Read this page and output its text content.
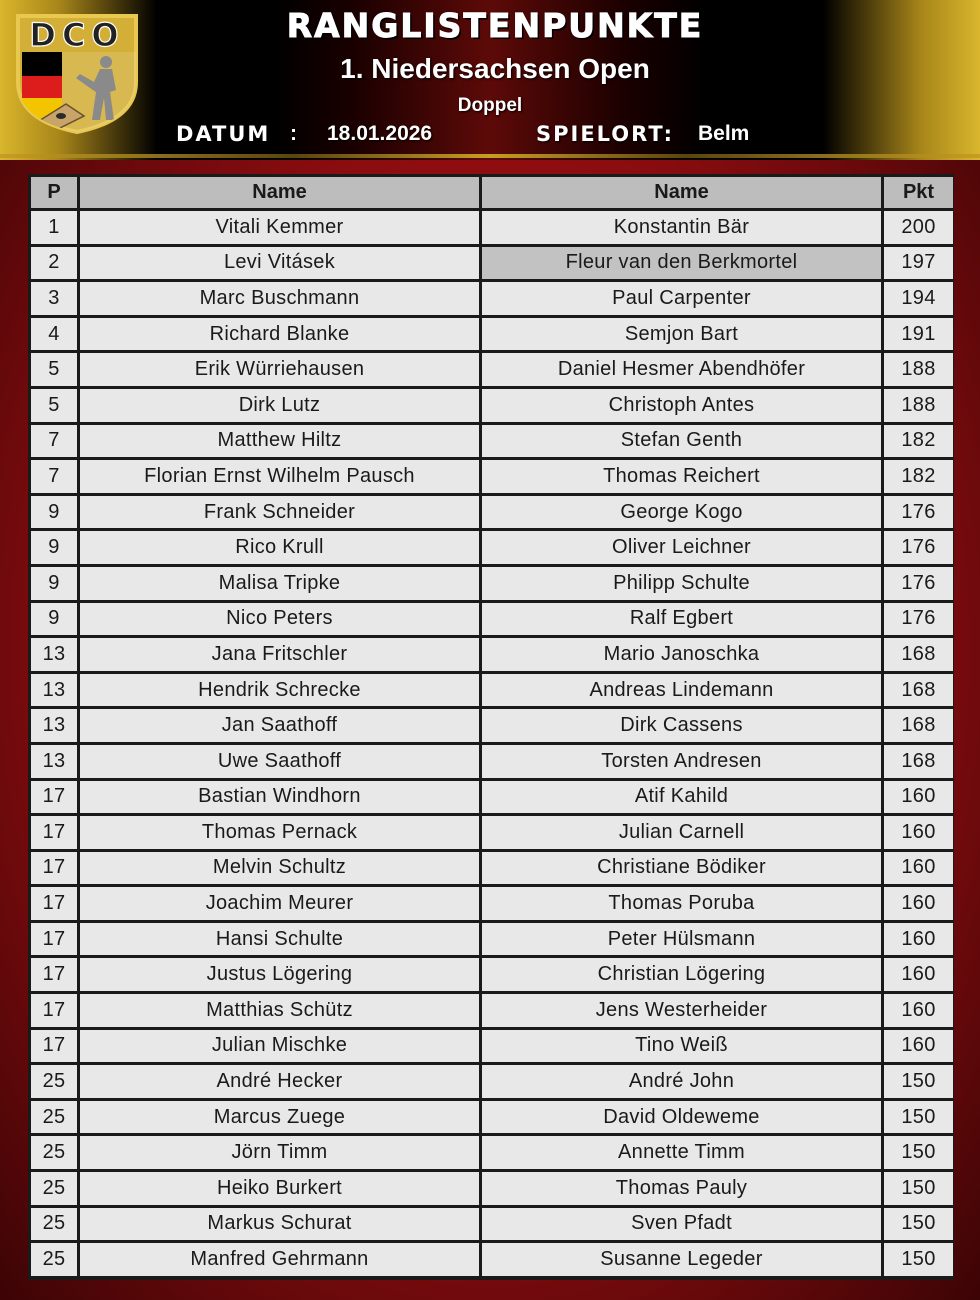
DCO	RANGLISTENPUNKTE
1. Niedersachsen Open
Doppel
DATUM : 18.01.2026	SPIELORT: Belm
P	Name	Name	Pkt
1	Vitali Kemmer	Konstantin Bär	200
2	Levi Vitásek	Fleur van den Berkmortel	197
3	Marc Buschmann	Paul Carpenter	194
4	Richard Blanke	Semjon Bart	191
5	Erik Würriehausen	Daniel Hesmer Abendhöfer	188
5	Dirk Lutz	Christoph Antes	188
7	Matthew Hiltz	Stefan Genth	182
7	Florian Ernst Wilhelm Pausch	Thomas Reichert	182
9	Frank Schneider	George Kogo	176
9	Rico Krull	Oliver Leichner	176
9	Malisa Tripke	Philipp Schulte	176
9	Nico Peters	Ralf Egbert	176
13	Jana Fritschler	Mario Janoschka	168
13	Hendrik Schrecke	Andreas Lindemann	168
13	Jan Saathoff	Dirk Cassens	168
13	Uwe Saathoff	Torsten Andresen	168
17	Bastian Windhorn	Atif Kahild	160
17	Thomas Pernack	Julian Carnell	160
17	Melvin Schultz	Christiane Bödiker	160
17	Joachim Meurer	Thomas Poruba	160
17	Hansi Schulte	Peter Hülsmann	160
17	Justus Lögering	Christian Lögering	160
17	Matthias Schütz	Jens Westerheider	160
17	Julian Mischke	Tino Weiß	160
25	André Hecker	André John	150
25	Marcus Zuege	David Oldeweme	150
25	Jörn Timm	Annette Timm	150
25	Heiko Burkert	Thomas Pauly	150
25	Markus Schurat	Sven Pfadt	150
25	Manfred Gehrmann	Susanne Legeder	150
